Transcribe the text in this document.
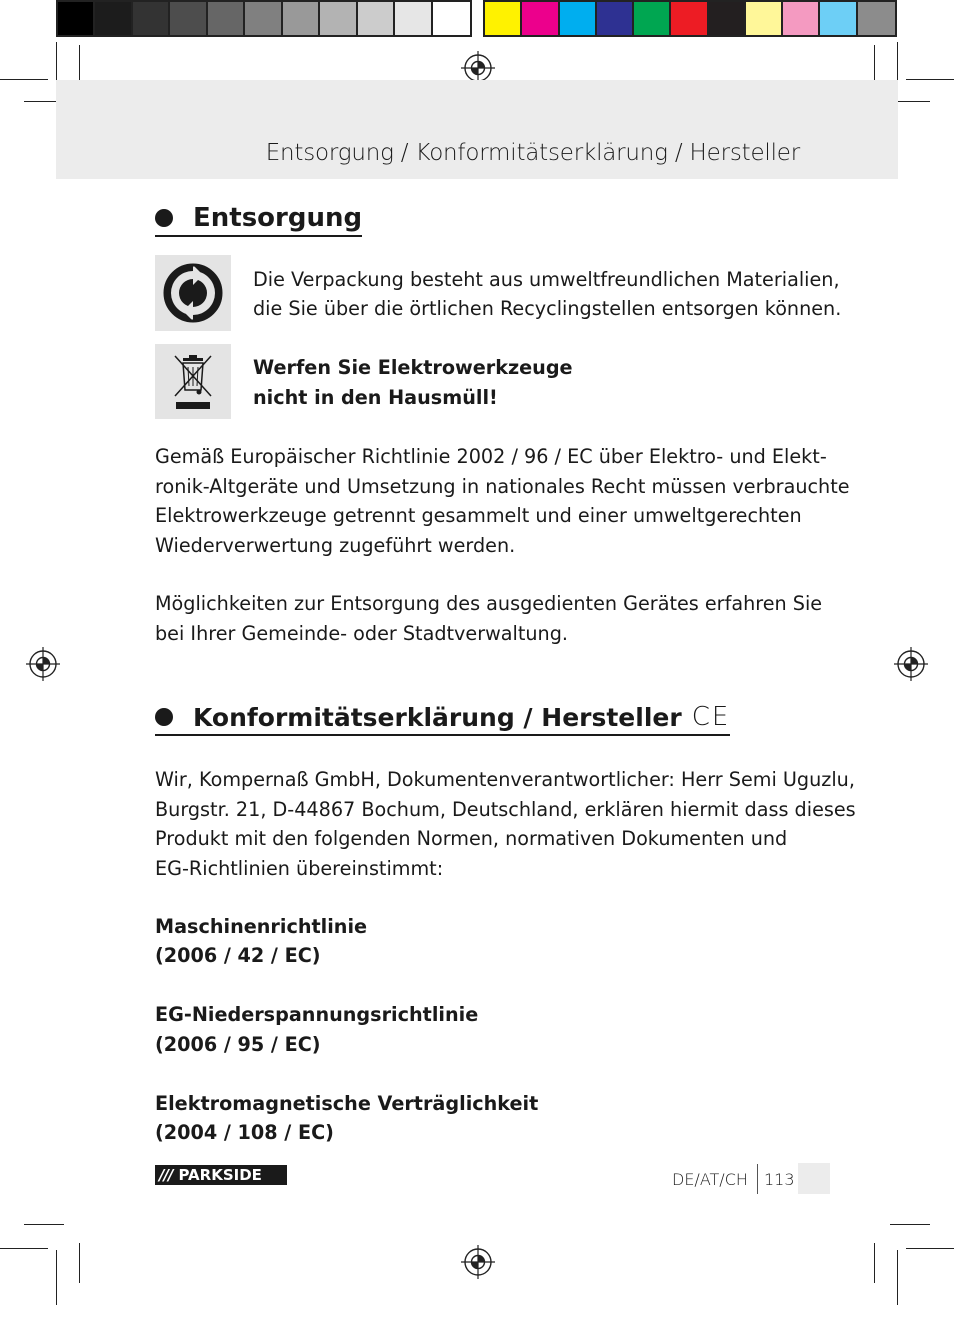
Entsorgung / Konformitätserklärung / Hersteller
Entsorgung
Die Verpackung besteht aus umweltfreundlichen Materialien,
die Sie über die örtlichen Recyclingstellen entsorgen können.
Werfen Sie Elektrowerkzeuge
nicht in den Hausmüll!
Gemäß Europäischer Richtlinie 2002 / 96 / EC über Elektro- und Elekt-
ronik-Altgeräte und Umsetzung in nationales Recht müssen verbrauchte
Elektrowerkzeuge getrennt gesammelt und einer umweltgerechten
Wiederverwertung zugeführt werden.
Möglichkeiten zur Entsorgung des ausgedienten Gerätes erfahren Sie
bei Ihrer Gemeinde- oder Stadtverwaltung.
Konformitätserklärung / Hersteller CE
Wir, Kompernaß GmbH, Dokumentenverantwortlicher: Herr Semi Uguzlu,
Burgstr. 21, D-44867 Bochum, Deutschland, erklären hiermit dass dieses
Produkt mit den folgenden Normen, normativen Dokumenten und
EG-Richtlinien übereinstimmt:
Maschinenrichtlinie
(2006 / 42 / EC)
EG-Niederspannungsrichtlinie
(2006 / 95 / EC)
Elektromagnetische Verträglichkeit
(2004 / 108 / EC)
/// PARKSIDE	DE/AT/CH 113
